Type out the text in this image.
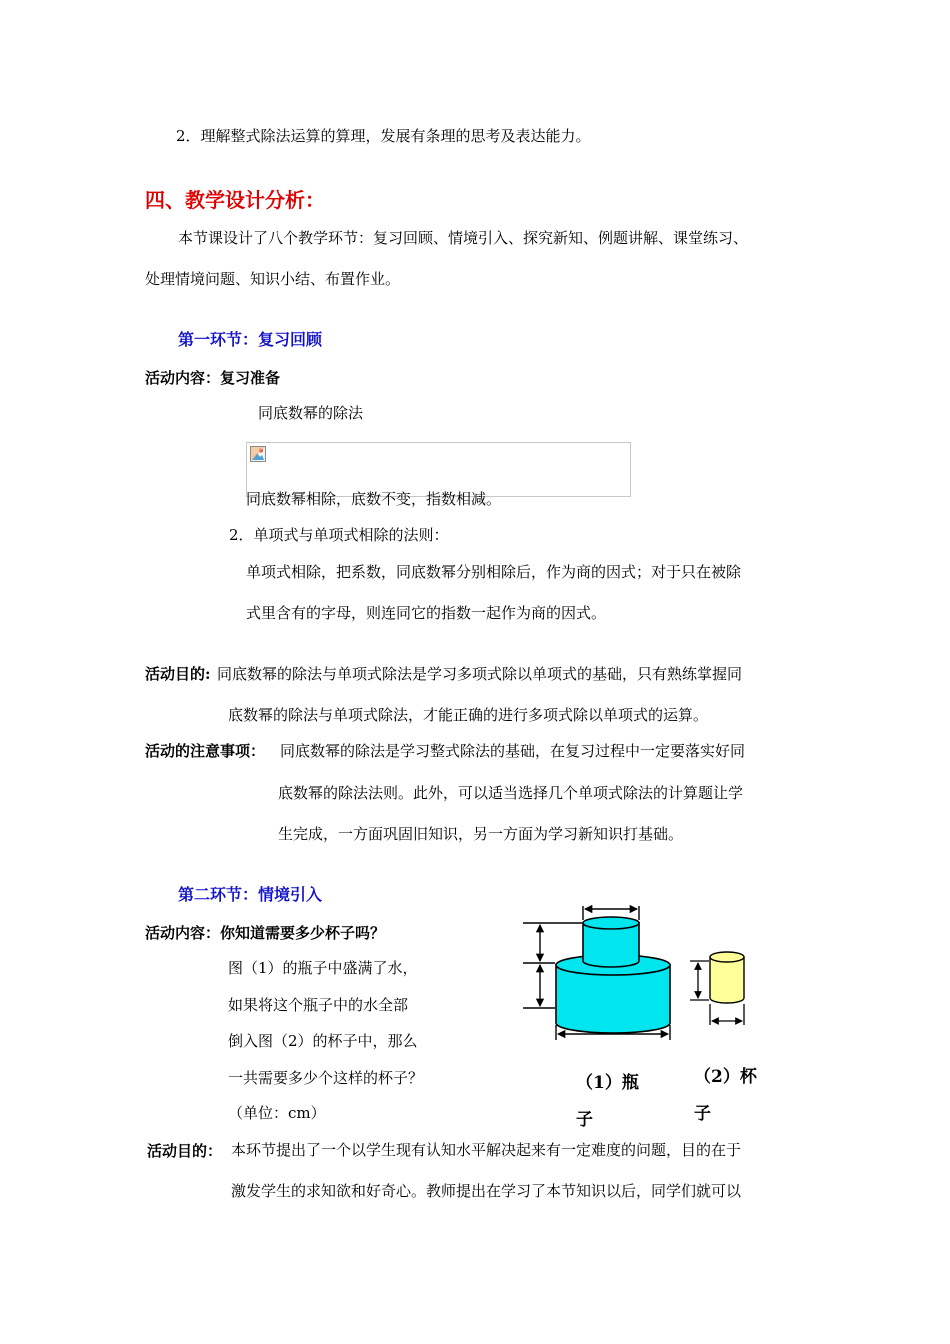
2．理解整式除法运算的算理，发展有条理的思考及表达能力。
四、教学设计分析：
本节课设计了八个教学环节：复习回顾、情境引入、探究新知、例题讲解、课堂练习、
处理情境问题、知识小结、布置作业。
第一环节：复习回顾
活动内容：复习准备
同底数幂的除法
同底数幂相除，底数不变，指数相减。
2．单项式与单项式相除的法则：
单项式相除，把系数，同底数幂分别相除后，作为商的因式；对于只在被除
式里含有的字母，则连同它的指数一起作为商的因式。
活动目的: 同底数幂的除法与单项式除法是学习多项式除以单项式的基础，只有熟练掌握同
底数幂的除法与单项式除法，才能正确的进行多项式除以单项式的运算。
活动的注意事项： 同底数幂的除法是学习整式除法的基础，在复习过程中一定要落实好同
底数幂的除法法则。此外，可以适当选择几个单项式除法的计算题让学
生完成，一方面巩固旧知识，另一方面为学习新知识打基础。
第二环节：情境引入
活动内容：你知道需要多少杯子吗？
图（1）的瓶子中盛满了水，
如果将这个瓶子中的水全部
倒入图（2）的杯子中，那么
一共需要多少个这样的杯子？
（单位：cm）
（1）瓶
子
（2）杯
子
活动目的： 本环节提出了一个以学生现有认知水平解决起来有一定难度的问题，目的在于
激发学生的求知欲和好奇心。教师提出在学习了本节知识以后，同学们就可以
